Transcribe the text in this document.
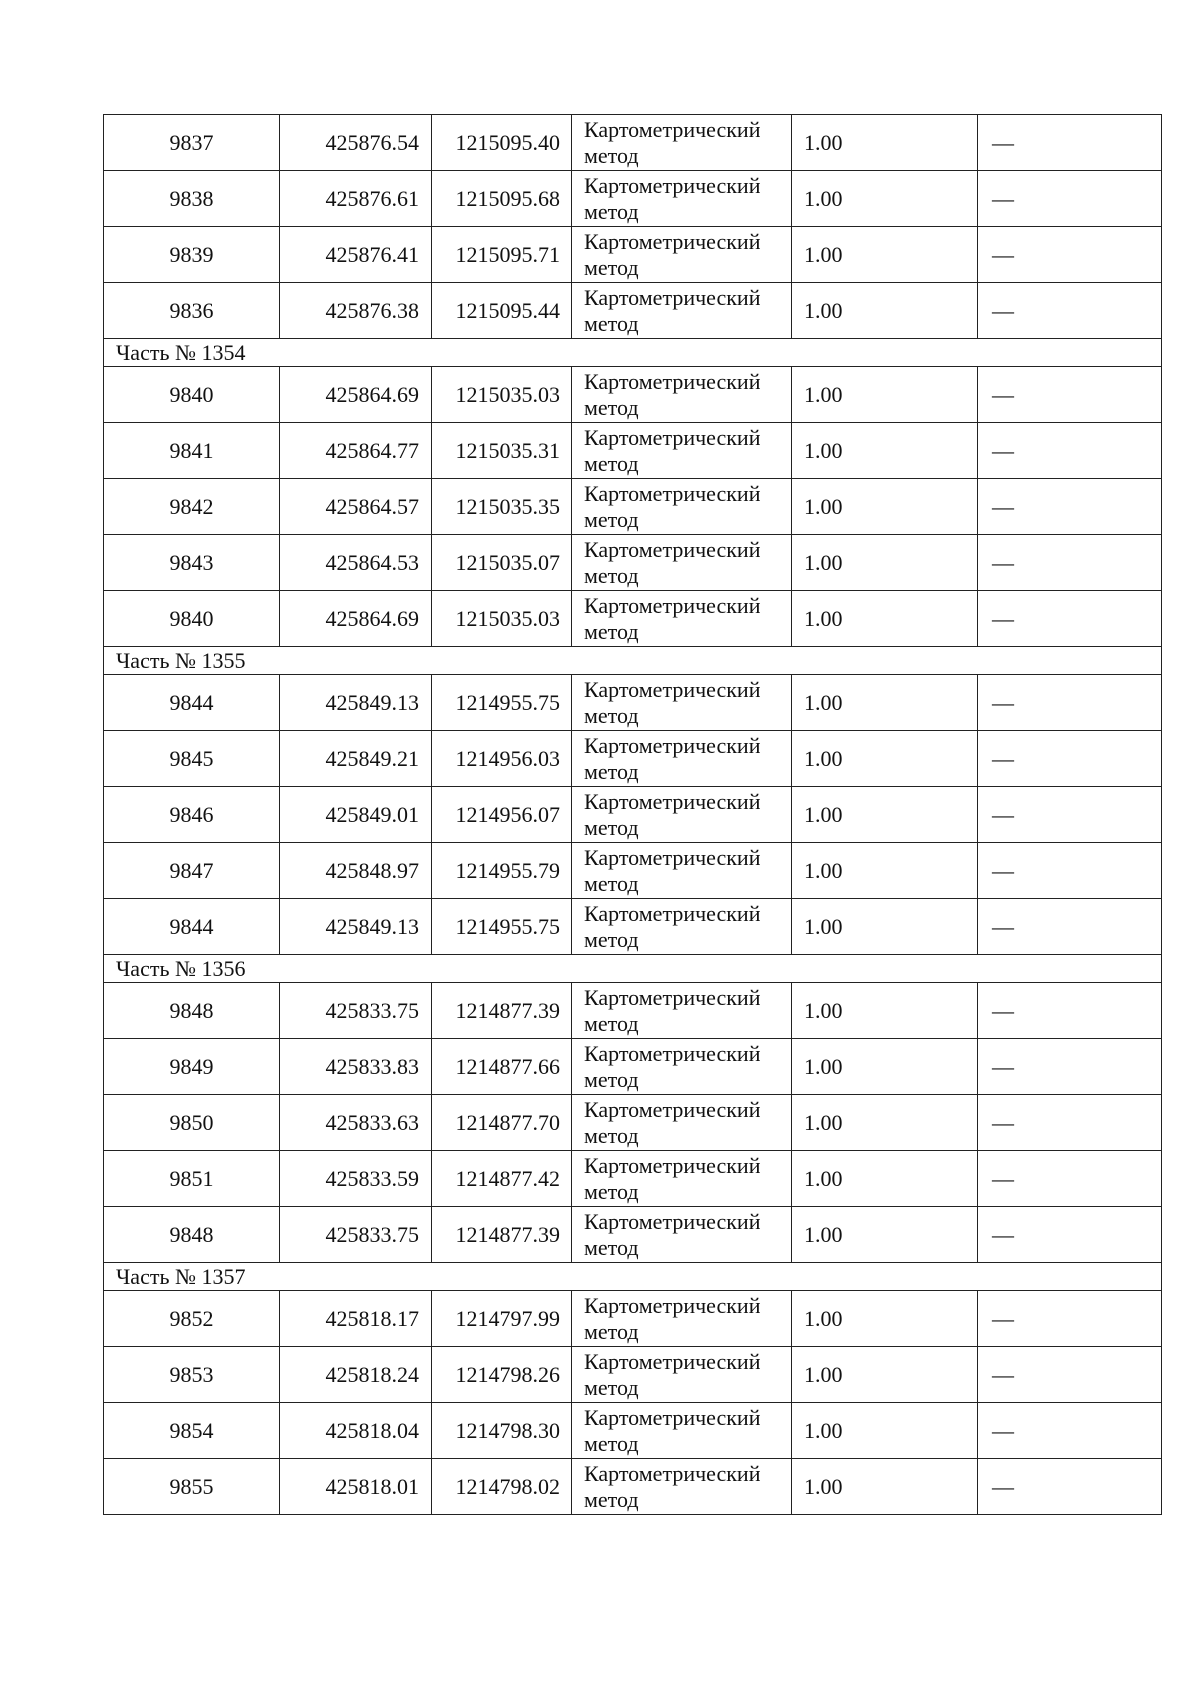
9837	425876.54	1215095.40	Картометрический метод	1.00	—
9838	425876.61	1215095.68	Картометрический метод	1.00	—
9839	425876.41	1215095.71	Картометрический метод	1.00	—
9836	425876.38	1215095.44	Картометрический метод	1.00	—
Часть № 1354					
9840	425864.69	1215035.03	Картометрический метод	1.00	—
9841	425864.77	1215035.31	Картометрический метод	1.00	—
9842	425864.57	1215035.35	Картометрический метод	1.00	—
9843	425864.53	1215035.07	Картометрический метод	1.00	—
9840	425864.69	1215035.03	Картометрический метод	1.00	—
Часть № 1355					
9844	425849.13	1214955.75	Картометрический метод	1.00	—
9845	425849.21	1214956.03	Картометрический метод	1.00	—
9846	425849.01	1214956.07	Картометрический метод	1.00	—
9847	425848.97	1214955.79	Картометрический метод	1.00	—
9844	425849.13	1214955.75	Картометрический метод	1.00	—
Часть № 1356					
9848	425833.75	1214877.39	Картометрический метод	1.00	—
9849	425833.83	1214877.66	Картометрический метод	1.00	—
9850	425833.63	1214877.70	Картометрический метод	1.00	—
9851	425833.59	1214877.42	Картометрический метод	1.00	—
9848	425833.75	1214877.39	Картометрический метод	1.00	—
Часть № 1357					
9852	425818.17	1214797.99	Картометрический метод	1.00	—
9853	425818.24	1214798.26	Картометрический метод	1.00	—
9854	425818.04	1214798.30	Картометрический метод	1.00	—
9855	425818.01	1214798.02	Картометрический метод	1.00	—
